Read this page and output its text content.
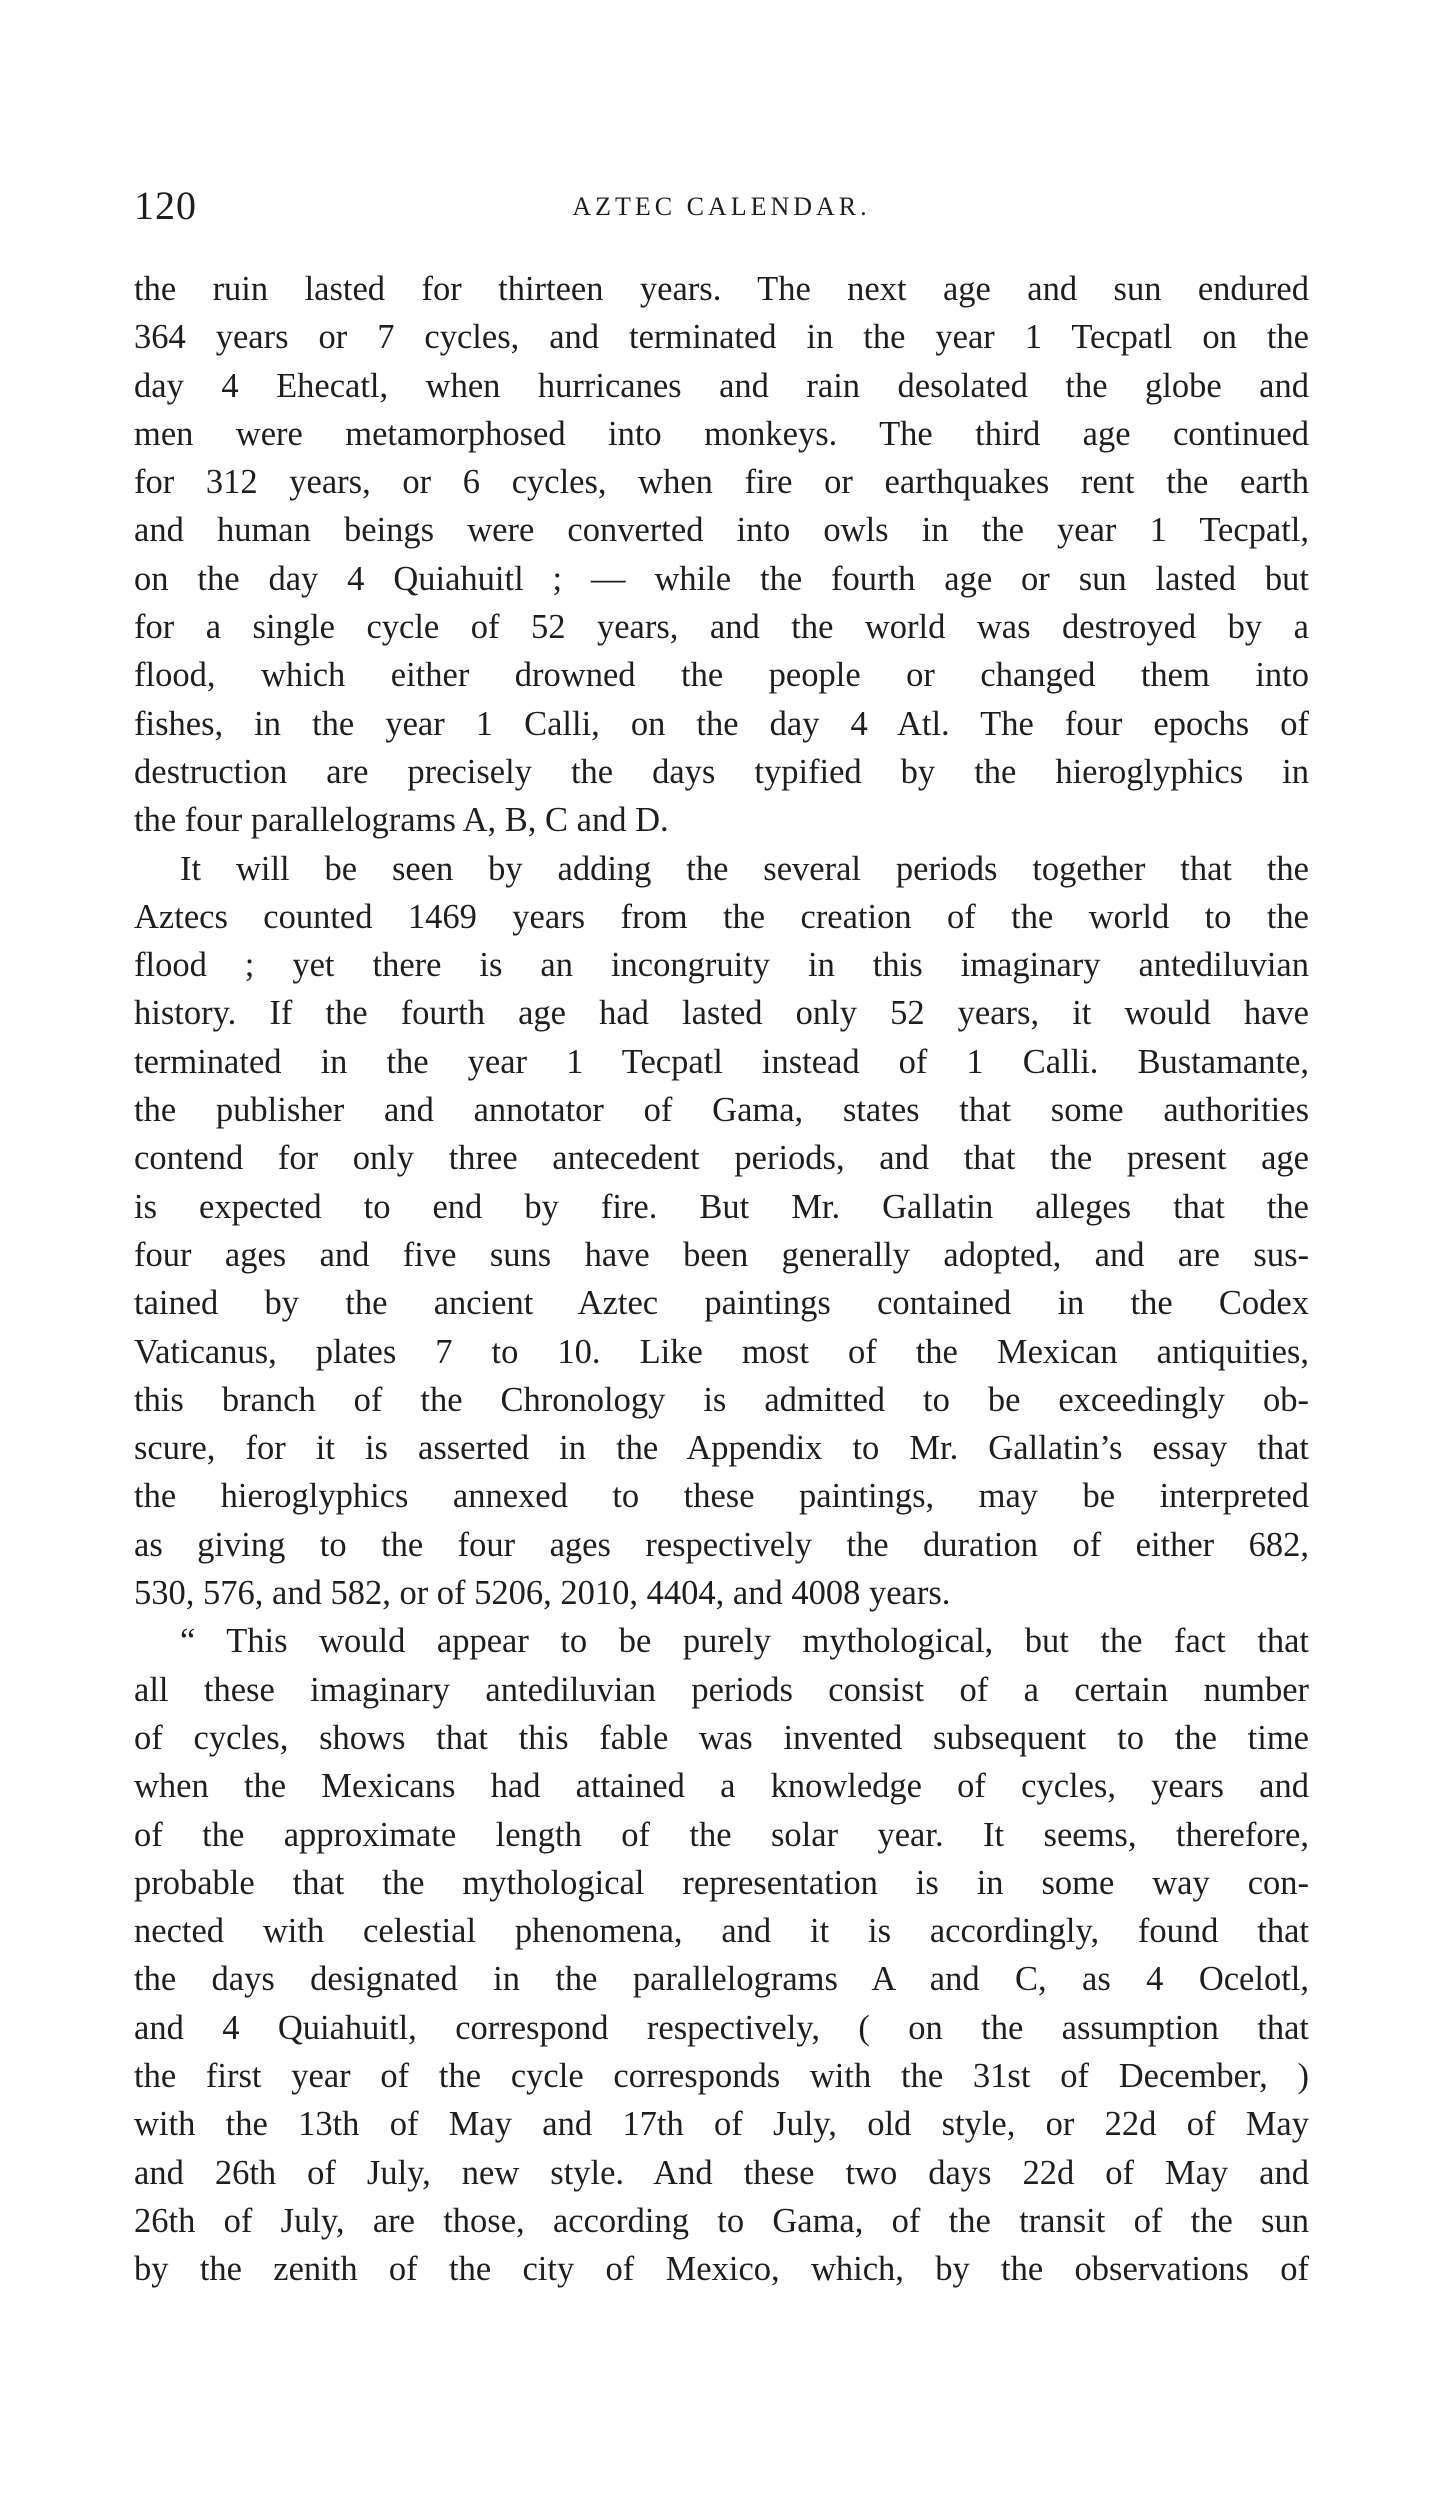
120	AZTEC CALENDAR.
the ruin lasted for thirteen years. The next age and sun endured
364 years or 7 cycles, and terminated in the year 1 Tecpatl on the
day 4 Ehecatl, when hurricanes and rain desolated the globe and
men were metamorphosed into monkeys. The third age continued
for 312 years, or 6 cycles, when fire or earthquakes rent the earth
and human beings were converted into owls in the year 1 Tecpatl,
on the day 4 Quiahuitl ; — while the fourth age or sun lasted but
for a single cycle of 52 years, and the world was destroyed by a
flood, which either drowned the people or changed them into
fishes, in the year 1 Calli, on the day 4 Atl. The four epochs of
destruction are precisely the days typified by the hieroglyphics in
the four parallelograms A, B, C and D.
It will be seen by adding the several periods together that the
Aztecs counted 1469 years from the creation of the world to the
flood ; yet there is an incongruity in this imaginary antediluvian
history. If the fourth age had lasted only 52 years, it would have
terminated in the year 1 Tecpatl instead of 1 Calli. Bustamante,
the publisher and annotator of Gama, states that some authorities
contend for only three antecedent periods, and that the present age
is expected to end by fire. But Mr. Gallatin alleges that the
four ages and five suns have been generally adopted, and are sus-
tained by the ancient Aztec paintings contained in the Codex
Vaticanus, plates 7 to 10. Like most of the Mexican antiquities,
this branch of the Chronology is admitted to be exceedingly ob-
scure, for it is asserted in the Appendix to Mr. Gallatin’s essay that
the hieroglyphics annexed to these paintings, may be interpreted
as giving to the four ages respectively the duration of either 682,
530, 576, and 582, or of 5206, 2010, 4404, and 4008 years.
“ This would appear to be purely mythological, but the fact that
all these imaginary antediluvian periods consist of a certain number
of cycles, shows that this fable was invented subsequent to the time
when the Mexicans had attained a knowledge of cycles, years and
of the approximate length of the solar year. It seems, therefore,
probable that the mythological representation is in some way con-
nected with celestial phenomena, and it is accordingly, found that
the days designated in the parallelograms A and C, as 4 Ocelotl,
and 4 Quiahuitl, correspond respectively, ( on the assumption that
the first year of the cycle corresponds with the 31st of December, )
with the 13th of May and 17th of July, old style, or 22d of May
and 26th of July, new style. And these two days 22d of May and
26th of July, are those, according to Gama, of the transit of the sun
by the zenith of the city of Mexico, which, by the observations of
